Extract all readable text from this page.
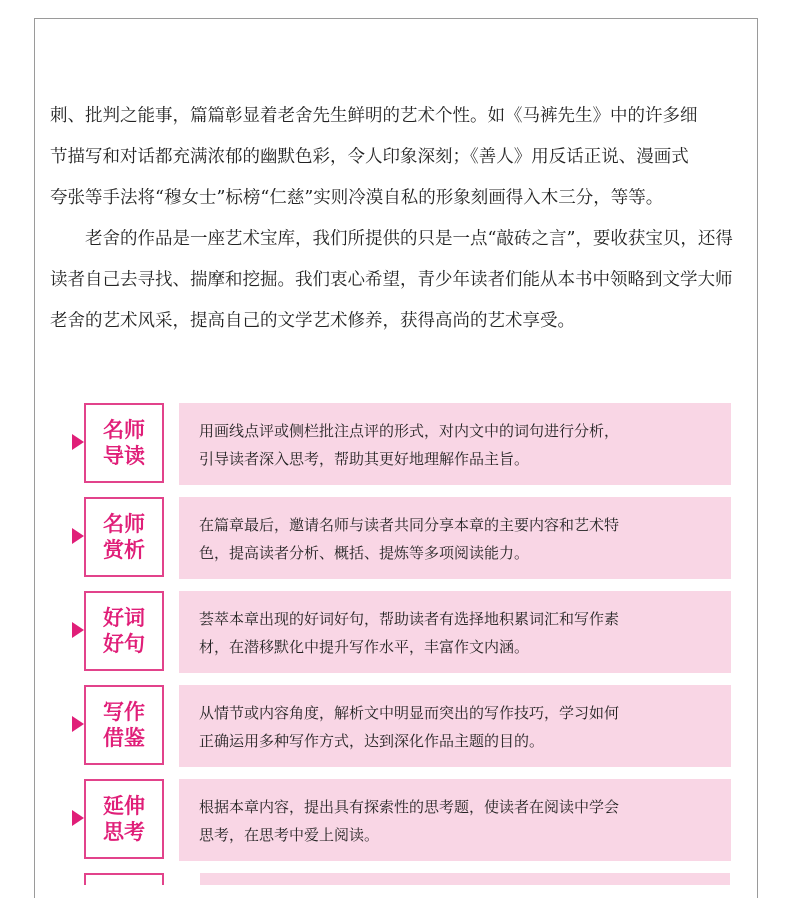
刺、批判之能事，篇篇彰显着老舍先生鲜明的艺术个性。如《马裤先生》中的许多细
节描写和对话都充满浓郁的幽默色彩，令人印象深刻；《善人》用反话正说、漫画式
夸张等手法将“穆女士”标榜“仁慈”实则冷漠自私的形象刻画得入木三分，等等。

老舍的作品是一座艺术宝库，我们所提供的只是一点“敲砖之言”，要收获宝贝，还得读者自己去寻找、揣摩和挖掘。我们衷心希望，青少年读者们能从本书中领略到文学大师老舍的艺术风采，提高自己的文学艺术修养，获得高尚的艺术享受。

名师
导读
用画线点评或侧栏批注点评的形式，对内文中的词句进行分析，
引导读者深入思考，帮助其更好地理解作品主旨。
名师
赏析
在篇章最后，邀请名师与读者共同分享本章的主要内容和艺术特
色，提高读者分析、概括、提炼等多项阅读能力。
好词
好句
荟萃本章出现的好词好句，帮助读者有选择地积累词汇和写作素
材，在潜移默化中提升写作水平，丰富作文内涵。
写作
借鉴
从情节或内容角度，解析文中明显而突出的写作技巧，学习如何
正确运用多种写作方式，达到深化作品主题的目的。
延伸
思考
根据本章内容，提出具有探索性的思考题，使读者在阅读中学会
思考，在思考中爱上阅读。
